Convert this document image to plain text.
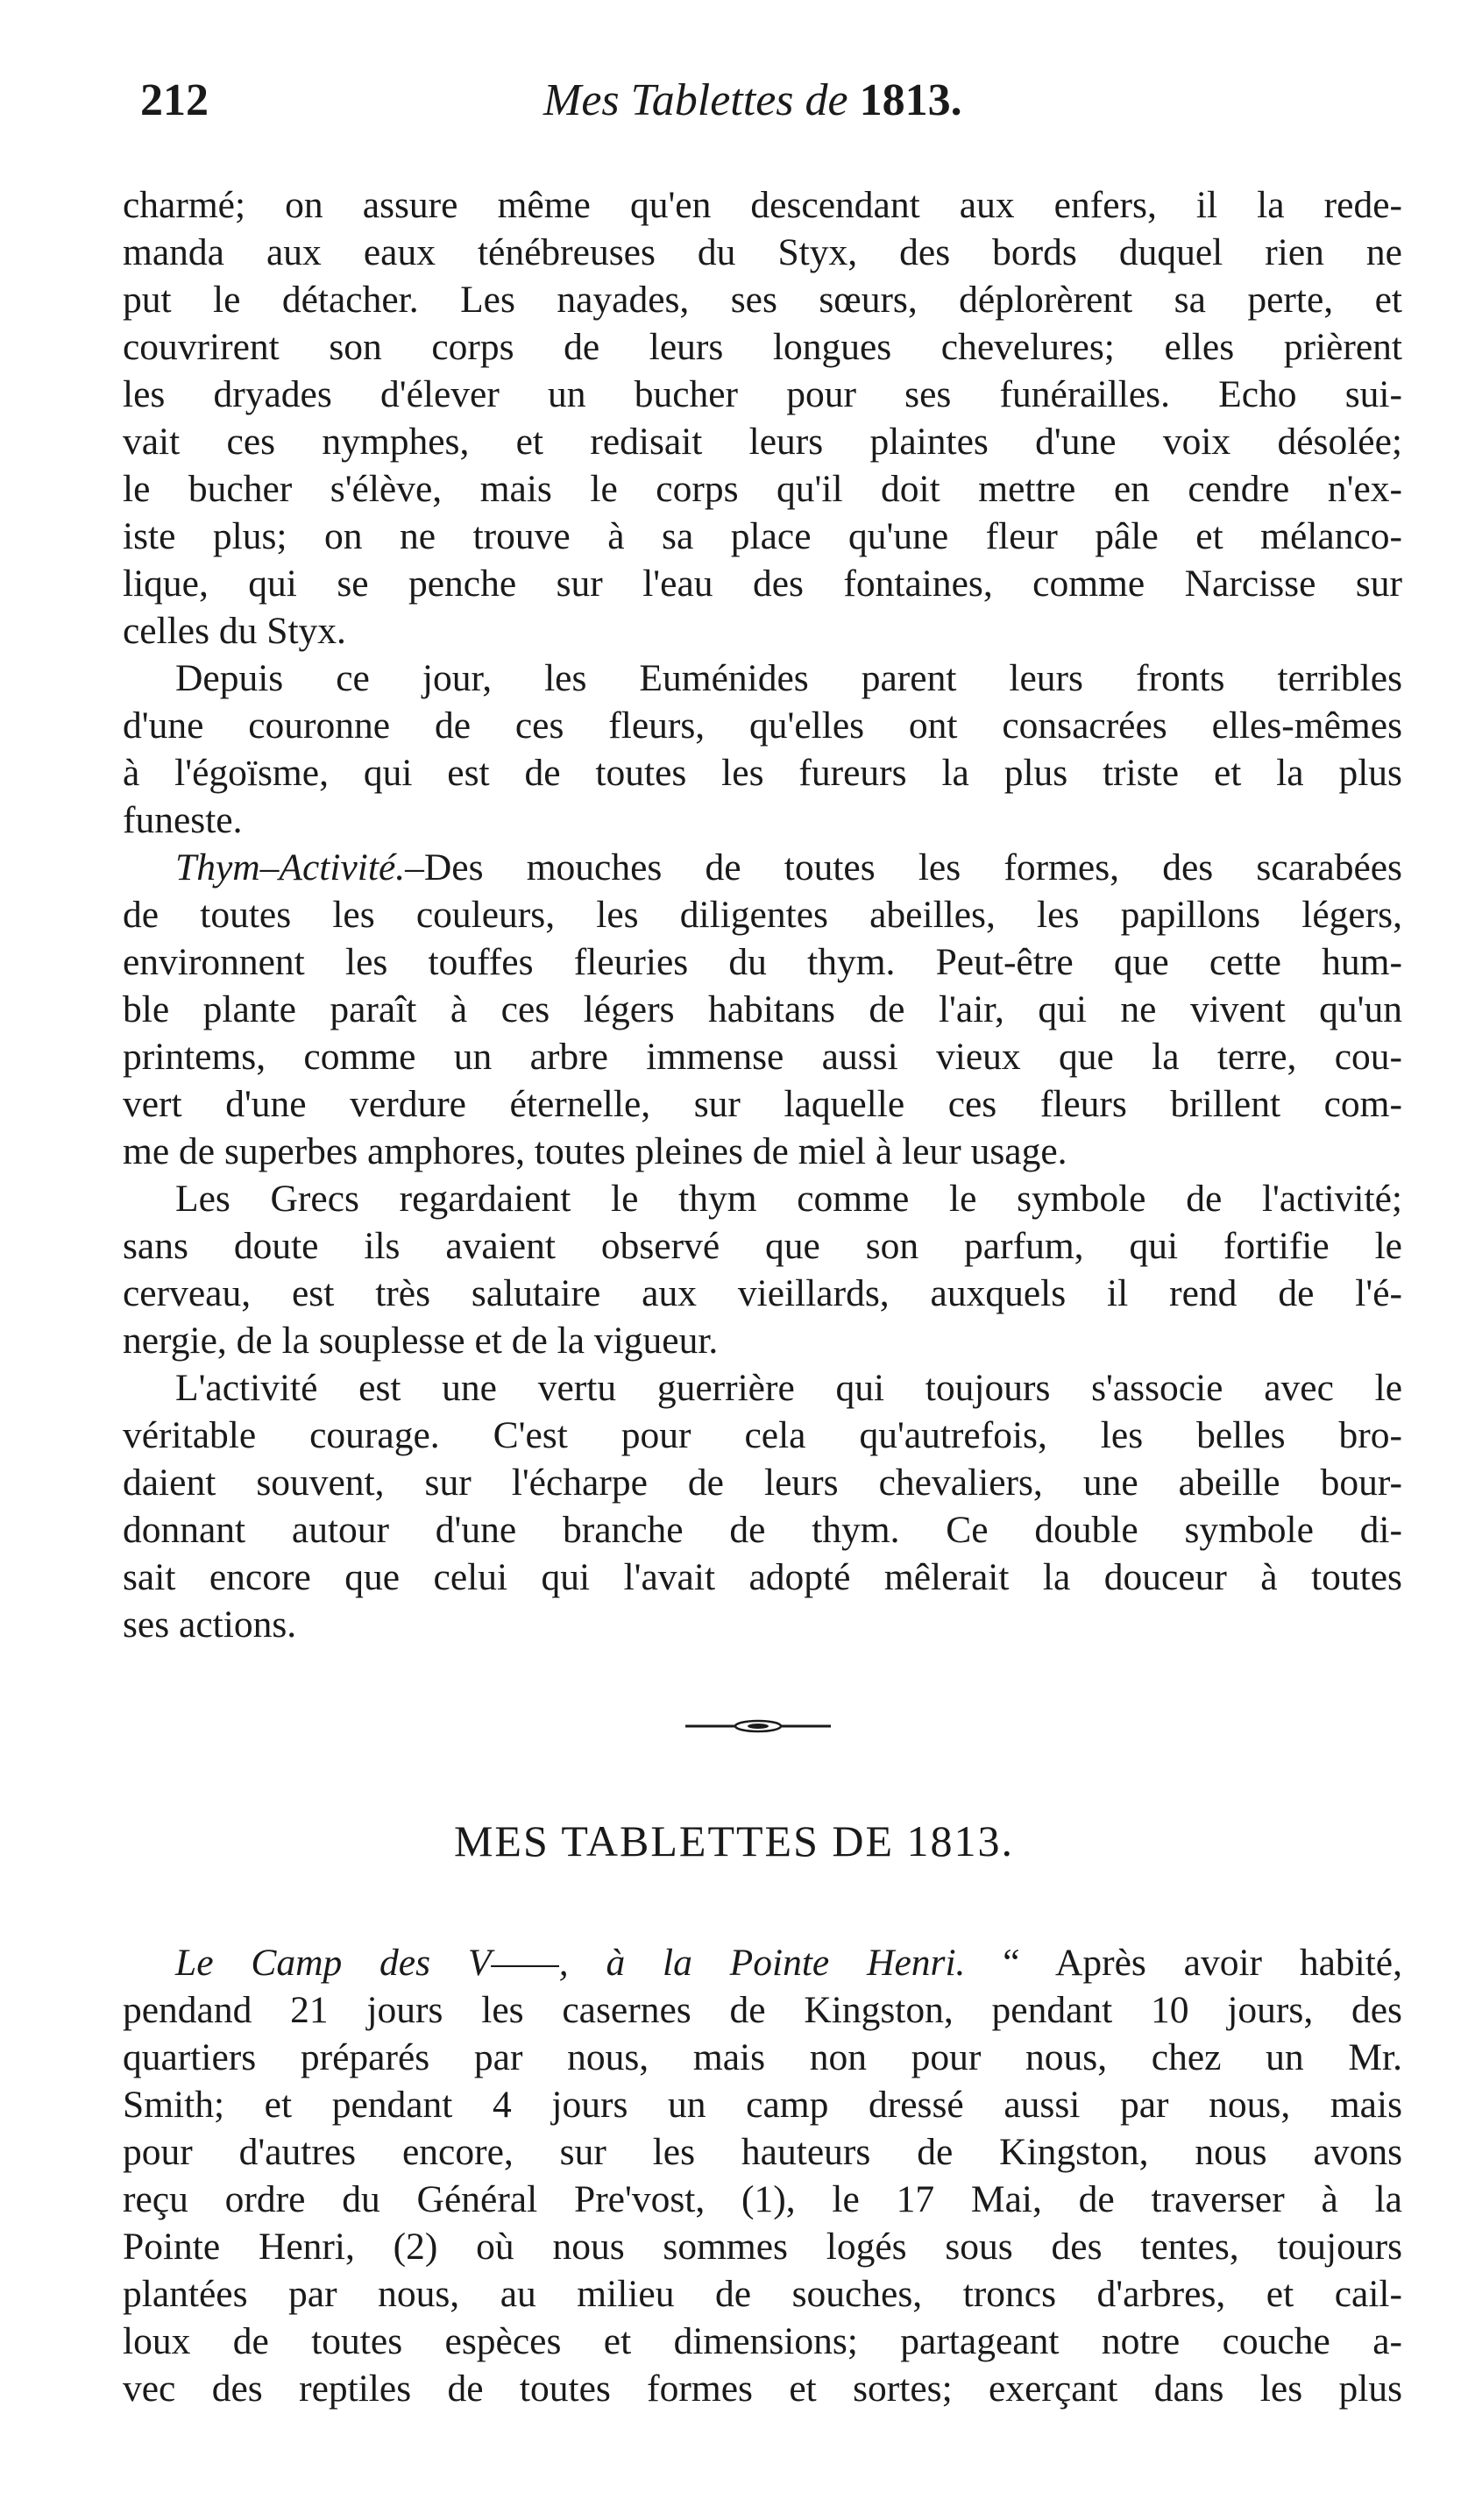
212	Mes Tablettes de 1813.
charmé; on assure même qu'en descendant aux enfers, il la rede-
manda aux eaux ténébreuses du Styx, des bords duquel rien ne
put le détacher. Les nayades, ses sœurs, déplorèrent sa perte, et
couvrirent son corps de leurs longues chevelures; elles prièrent
les dryades d'élever un bucher pour ses funérailles. Echo sui-
vait ces nymphes, et redisait leurs plaintes d'une voix désolée;
le bucher s'élève, mais le corps qu'il doit mettre en cendre n'ex-
iste plus; on ne trouve à sa place qu'une fleur pâle et mélanco-
lique, qui se penche sur l'eau des fontaines, comme Narcisse sur
celles du Styx.
Depuis ce jour, les Euménides parent leurs fronts terribles
d'une couronne de ces fleurs, qu'elles ont consacrées elles-mêmes
à l'égoïsme, qui est de toutes les fureurs la plus triste et la plus
funeste.
Thym–Activité.–Des mouches de toutes les formes, des scarabées
de toutes les couleurs, les diligentes abeilles, les papillons légers,
environnent les touffes fleuries du thym. Peut-être que cette hum-
ble plante paraît à ces légers habitans de l'air, qui ne vivent qu'un
printems, comme un arbre immense aussi vieux que la terre, cou-
vert d'une verdure éternelle, sur laquelle ces fleurs brillent com-
me de superbes amphores, toutes pleines de miel à leur usage.
Les Grecs regardaient le thym comme le symbole de l'activité;
sans doute ils avaient observé que son parfum, qui fortifie le
cerveau, est très salutaire aux vieillards, auxquels il rend de l'é-
nergie, de la souplesse et de la vigueur.
L'activité est une vertu guerrière qui toujours s'associe avec le
véritable courage. C'est pour cela qu'autrefois, les belles bro-
daient souvent, sur l'écharpe de leurs chevaliers, une abeille bour-
donnant autour d'une branche de thym. Ce double symbole di-
sait encore que celui qui l'avait adopté mêlerait la douceur à toutes
ses actions.
MES TABLETTES DE 1813.
Le Camp des V——, à la Pointe Henri. “ Après avoir habité,
pendand 21 jours les casernes de Kingston, pendant 10 jours, des
quartiers préparés par nous, mais non pour nous, chez un Mr.
Smith; et pendant 4 jours un camp dressé aussi par nous, mais
pour d'autres encore, sur les hauteurs de Kingston, nous avons
reçu ordre du Général Pre'vost, (1), le 17 Mai, de traverser à la
Pointe Henri, (2) où nous sommes logés sous des tentes, toujours
plantées par nous, au milieu de souches, troncs d'arbres, et cail-
loux de toutes espèces et dimensions; partageant notre couche a-
vec des reptiles de toutes formes et sortes; exerçant dans les plus
